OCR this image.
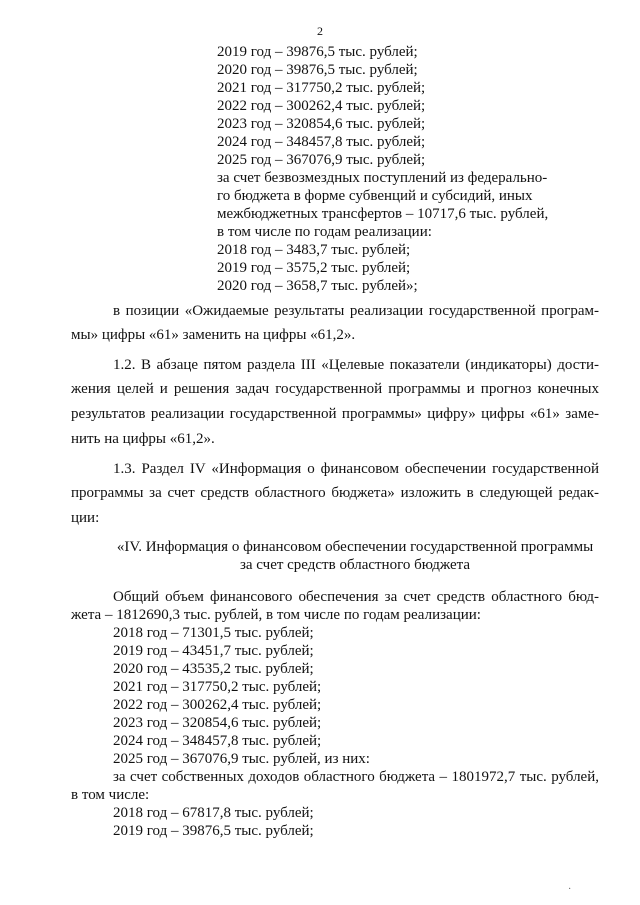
2
2019 год – 39876,5 тыс. рублей;
2020 год – 39876,5 тыс. рублей;
2021 год – 317750,2 тыс. рублей;
2022 год – 300262,4 тыс. рублей;
2023 год – 320854,6 тыс. рублей;
2024 год – 348457,8 тыс. рублей;
2025 год – 367076,9 тыс. рублей;
за счет безвозмездных поступлений из федерально-
го бюджета в форме субвенций и субсидий, иных
межбюджетных трансфертов – 10717,6 тыс. рублей,
в том числе по годам реализации:
2018 год – 3483,7 тыс. рублей;
2019 год – 3575,2 тыс. рублей;
2020 год – 3658,7 тыс. рублей»;
в позиции «Ожидаемые результаты реализации государственной програм-
мы» цифры «61» заменить на цифры «61,2».
1.2. В абзаце пятом раздела III «Целевые показатели (индикаторы) дости-
жения целей и решения задач государственной программы и прогноз конечных
результатов реализации государственной программы» цифру» цифры «61» заме-
нить на цифры «61,2».
1.3. Раздел IV «Информация о финансовом обеспечении государственной
программы за счет средств областного бюджета» изложить в следующей редак-
ции:
«IV. Информация о финансовом обеспечении государственной программы
за счет средств областного бюджета
Общий объем финансового обеспечения за счет средств областного бюд-
жета – 1812690,3 тыс. рублей, в том числе по годам реализации:
2018 год – 71301,5 тыс. рублей;
2019 год – 43451,7 тыс. рублей;
2020 год – 43535,2 тыс. рублей;
2021 год – 317750,2 тыс. рублей;
2022 год – 300262,4 тыс. рублей;
2023 год – 320854,6 тыс. рублей;
2024 год – 348457,8 тыс. рублей;
2025 год – 367076,9 тыс. рублей, из них:
за счет собственных доходов областного бюджета – 1801972,7 тыс. рублей,
в том числе:
2018 год – 67817,8 тыс. рублей;
2019 год – 39876,5 тыс. рублей;
·
